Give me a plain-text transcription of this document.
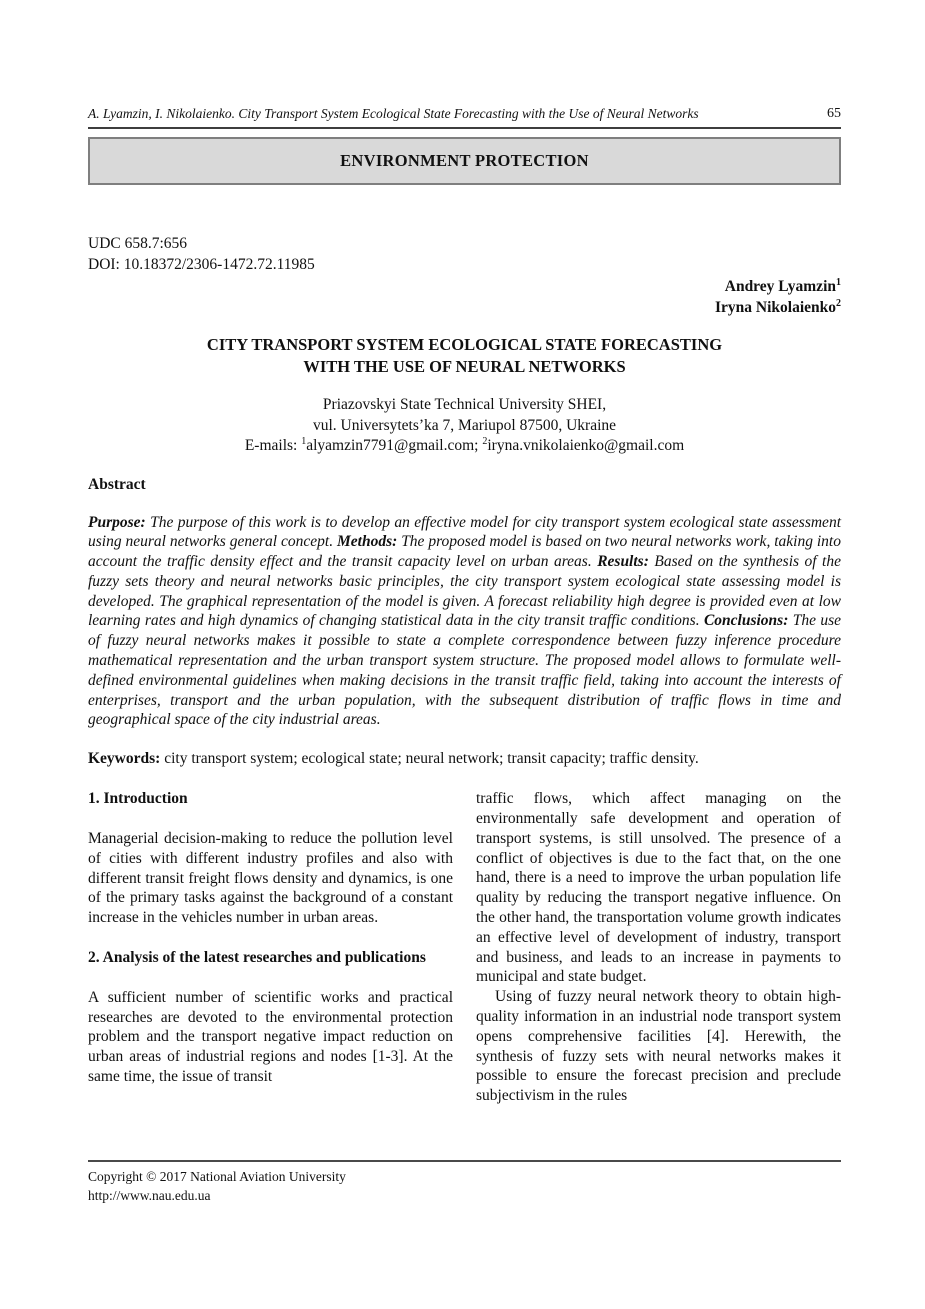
A. Lyamzin, I. Nikolaienko. City Transport System Ecological State Forecasting with the Use of Neural Networks	65
ENVIRONMENT PROTECTION
UDC 658.7:656
DOI: 10.18372/2306-1472.72.11985
Andrey Lyamzin$^1$
Iryna Nikolaienko$^2$
CITY TRANSPORT SYSTEM ECOLOGICAL STATE FORECASTING
WITH THE USE OF NEURAL NETWORKS
Priazovskyi State Technical University SHEI,
vul. Universytets’ka 7, Mariupol 87500, Ukraine
E-mails: $^1$alyamzin7791@gmail.com; $^2$iryna.vnikolaienko@gmail.com
Abstract

Purpose: The purpose of this work is to develop an effective model for city transport system ecological state assessment using neural networks general concept. Methods: The proposed model is based on two neural networks work, taking into account the traffic density effect and the transit capacity level on urban areas. Results: Based on the synthesis of the fuzzy sets theory and neural networks basic principles, the city transport system ecological state assessing model is developed. The graphical representation of the model is given. A forecast reliability high degree is provided even at low learning rates and high dynamics of changing statistical data in the city transit traffic conditions. Conclusions: The use of fuzzy neural networks makes it possible to state a complete correspondence between fuzzy inference procedure mathematical representation and the urban transport system structure. The proposed model allows to formulate well-defined environmental guidelines when making decisions in the transit traffic field, taking into account the interests of enterprises, transport and the urban population, with the subsequent distribution of traffic flows in time and geographical space of the city industrial areas.

Keywords: city transport system; ecological state; neural network; transit capacity; traffic density.
1. Introduction

Managerial decision-making to reduce the pollution level of cities with different industry profiles and also with different transit freight flows density and dynamics, is one of the primary tasks against the background of a constant increase in the vehicles number in urban areas.

2. Analysis of the latest researches and publications

A sufficient number of scientific works and practical researches are devoted to the environmental protection problem and the transport negative impact reduction on urban areas of industrial regions and nodes [1-3]. At the same time, the issue of transit

traffic flows, which affect managing on the environmentally safe development and operation of transport systems, is still unsolved. The presence of a conflict of objectives is due to the fact that, on the one hand, there is a need to improve the urban population life quality by reducing the transport negative influence. On the other hand, the transportation volume growth indicates an effective level of development of industry, transport and business, and leads to an increase in payments to municipal and state budget.

Using of fuzzy neural network theory to obtain high-quality information in an industrial node transport system opens comprehensive facilities [4]. Herewith, the synthesis of fuzzy sets with neural networks makes it possible to ensure the forecast precision and preclude subjectivism in the rules

Copyright © 2017 National Aviation University
http://www.nau.edu.ua
